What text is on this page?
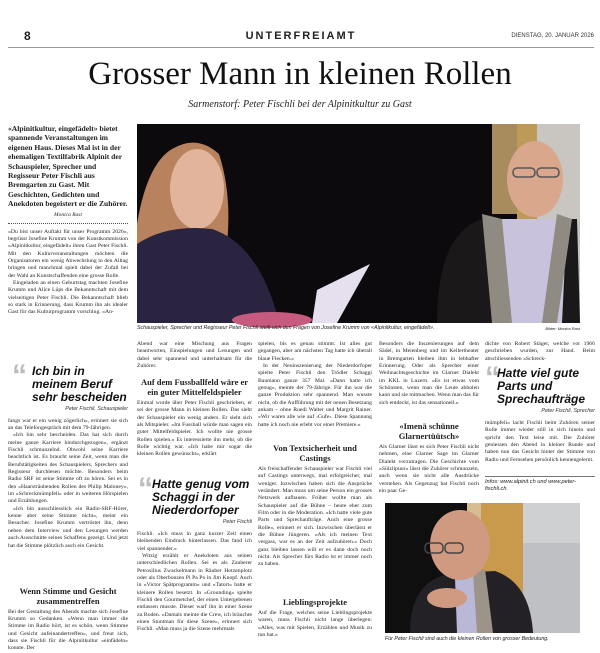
8	UNTERFREIAMT	DIENSTAG, 20. JANUAR 2026
Grosser Mann in kleinen Rollen
Sarmenstorf: Peter Fischli bei der Alpinitkultur zu Gast
Schauspieler, Sprecher und Regisseur Peter Fischli stellt sich den Fragen von Josefine Krumm von «Alpinitkultur, eingefädelt».	Bilder: Monica Rast
«Alpinitkultur, eingefädelt» bietet spannende Veranstaltungen im eigenen Haus. Dieses Mal ist in der ehemaligen Textilfabrik Alpinit der Schauspieler, Sprecher und Regisseur Peter Fischli aus Bremgarten zu Gast. Mit Geschichten, Gedichten und Anekdoten begeistert er die Zuhörer.
Monica Rast

«Du bist unser Auftakt für unser Programm 2026», begrüsst Josefine Krumm von der Kunstkommission «Alpinitkultur, eingefädelt» ihren Gast Peter Fischli. Mit den Kulturveranstaltungen möchten die Organisatoren ein wenig Abwechslung in den Alltag bringen und manchmal spielt dabei der Zufall bei der Wahl an Kunstschaffenden eine grosse Rolle.

Eingeladen an einen Geburtstag machten Josefine Krumm und Alice Lüps die Bekanntschaft mit dem vielseitigen Peter Fischli. Die Bekanntschaft blieb so stark in Erinnerung, dass Krumm ihn als idealer Gast für das Kulturprogramm vorschlug. «An-

“ Ich bin in meinem Beruf sehr bescheiden
Peter Fischli, Schauspieler

fangs war er ein wenig zögerlich», erinnert sie sich an das Telefongespräch mit dem 79-Jährigen.

«Ich bin sehr bescheiden. Das hat sich durch meine ganze Karriere hindurchgezogen», ergänzt Fischli schmunzelnd. Obwohl seine Karriere beachtlich ist. Es braucht seine Zeit, wenn man die Berufstätigkeiten des Schauspielers, Sprechers und Regisseur durchlesen möchte. Besonders beim Radio SRF ist seine Stimme oft zu hören. Sei es in den «Haarsträubenden Rollen des Philip Maloney», im «Schreckmümpfeli» oder in weiteren Hörspielen und Erzählungen.

«Ich bin ausschliesslich ein Radio-SRF-Hörer, kenne aber seine Stimme nicht», meint ein Besucher. Josefine Krumm vertröstet ihn, denn neben dem Interview und den Lesungen werden auch Ausschnitte seines Schaffens gezeigt. Und jetzt hat die Stimme plötzlich auch ein Gesicht.

Wenn Stimme und Gesicht zusammentreffen

Bei der Gestaltung des Abends machte sich Josefine Krumm so Gedanken. «Wenn man immer die Stimme im Radio hört, ist es schön, wenn Stimme und Gesicht aufeinandertreffen», und freut sich, dass sie Fischli für die Alpinitkultur «einfädeln» konnte. Der

Abend war eine Mischung aus Fragen beantworten, Einspielungen und Lesungen und dabei sehr spannend und unterhaltsam für die Zuhörer.

Auf dem Fussballfeld wäre er ein guter Mittelfeldspieler

Einmal wurde über Peter Fischli geschrieben, er sei der grosse Mann in kleinen Rollen. Das sieht der Schauspieler ein wenig anders. Er sieht sich als Mitspieler. «Im Fussball würde man sagen ein guter Mittelfeldspieler. Ich wollte nie grosse Rollen spielen.» Es interessierte ihn mehr, ob die Rolle wichtig war. «Ich habe mir sogar die kleinen Rollen gewünscht», erklärt

“ Hatte genug vom Schaggi in der Niederdorfoper
Peter Fischli

Fischli. «Ich muss in ganz kurzer Zeit einen bleibenden Eindruck hinterlassen. Das fand ich viel spannender.»

Witzig erzählt er Anekdoten aus seinen unterschiedlichen Rollen. Sei es als Zauberer Petrosilius Zwackelmann in Räuber Hotzenplotz oder als Oberbonzen Pi Pa Po in Jim Knopf. Auch in «Victor Spätprogramm» und «Tatort» hatte er kleinere Rollen besetzt. In «Grounding» spielte Fischli den Gourmetchef, der einen Untergebenen entlassen musste. Dieser warf ihn in einer Szene zu Boden. «Damals meinte die Crew, ich bräuchte einen Stuntman für diese Szene», erinnert sich Fischli. «Man muss ja die Szene mehrmals

spielen, bis es genau stimmt. Ist alles gut gegangen, aber am nächsten Tag hatte ich überall blaue Flecken.»

In der Neuinszenierung der Niederdorfoper spielte Peter Fischli den Trödler Schaggi Baumann ganze 357 Mal. «Dann hatte ich genug», meinte der 79-Jährige. Für ihn war die ganze Produktion sehr spannend. Man wusste nicht, ob die Aufführung mit der neuen Besetzung ankam – ohne Ruedi Walter und Margrit Rainer. «Wir waren alle wie auf ‹Gufe›. Diese Spannung hatte ich noch nie erlebt vor einer Premiere.»

Von Textsicherheit und Castings

Als freischaffender Schauspieler war Fischli viel auf Castings unterwegs, mal erfolgreicher, mal weniger. Inzwischen haben sich die Ansprüche verändert. Man muss um seine Person ein grosses Netzwerk aufbauen. Früher wollte man als Schauspieler auf die Bühne – heute eher zum Film oder in die Moderation. «Ich hatte viele gute Parts und Sprechaufträge. Auch eine grosse Rolle», erinnert er sich. Inzwischen überlässt er die Bühne Jüngeren. «Als ich meinen Text vergass, war es an der Zeit aufzuhören.» Doch ganz bleiben lassen will er es dann doch noch nicht. Als Sprecher fürs Radio ist er immer noch zu haben.

Lieblingsprojekte

Auf die Frage, welches seine Lieblingsprojekte waren, muss Fischli nicht lange überlegen: «Alles, was mit Spielen, Erzählen und Musik zu tun hat.»

Besonders die Inszenierungen auf dem Sädel, in Meienberg und im Kellertheater in Bremgarten bleiben ihm in lebhafter Erinnerung. Oder als Sprecher einer Weihnachtsgeschichte im Glarner Dialekt im KKL in Luzern. «Es ist etwas vom Schönsten, wenn man die Leute abholen kann und sie mitmachen. Wenn man das für sich entdeckt, ist das sensationell.»

«Imenä schünne Glarnertüütsch»

Als Glarner lässt es sich Peter Fischli nicht nehmen, eine Glarner Sage im Glarner Dialekt vorzutragen. Die Geschichte vom «Sülzlipuur» lässt die Zuhörer schmunzeln, auch wenn sie nicht alle Ausdrücke verstehen. Als Gegenzug hat Fischli noch ein paar Ge-

dichte von Robert Stäger, welche vor 1966 geschrieben wurden, zur Hand. Beim abschliessenden «Schreck-

“
Hatte viel gute Parts und Sprechaufträge
Peter Fischli, Sprecher

mümpfeli» lacht Fischli beim Zuhören seiner Rolle immer wieder still in sich hinein und spricht den Text leise mit. Die Zuhörer geniessen den Abend in kleiner Runde und haben nun das Gesicht hinter der Stimme von Radio und Fernsehen persönlich kennengelernt.

Infos: www.alpinit.ch und www.peter-fischli.ch.
Für Peter Fischli sind auch die kleinen Rollen von grosser Bedeutung.
